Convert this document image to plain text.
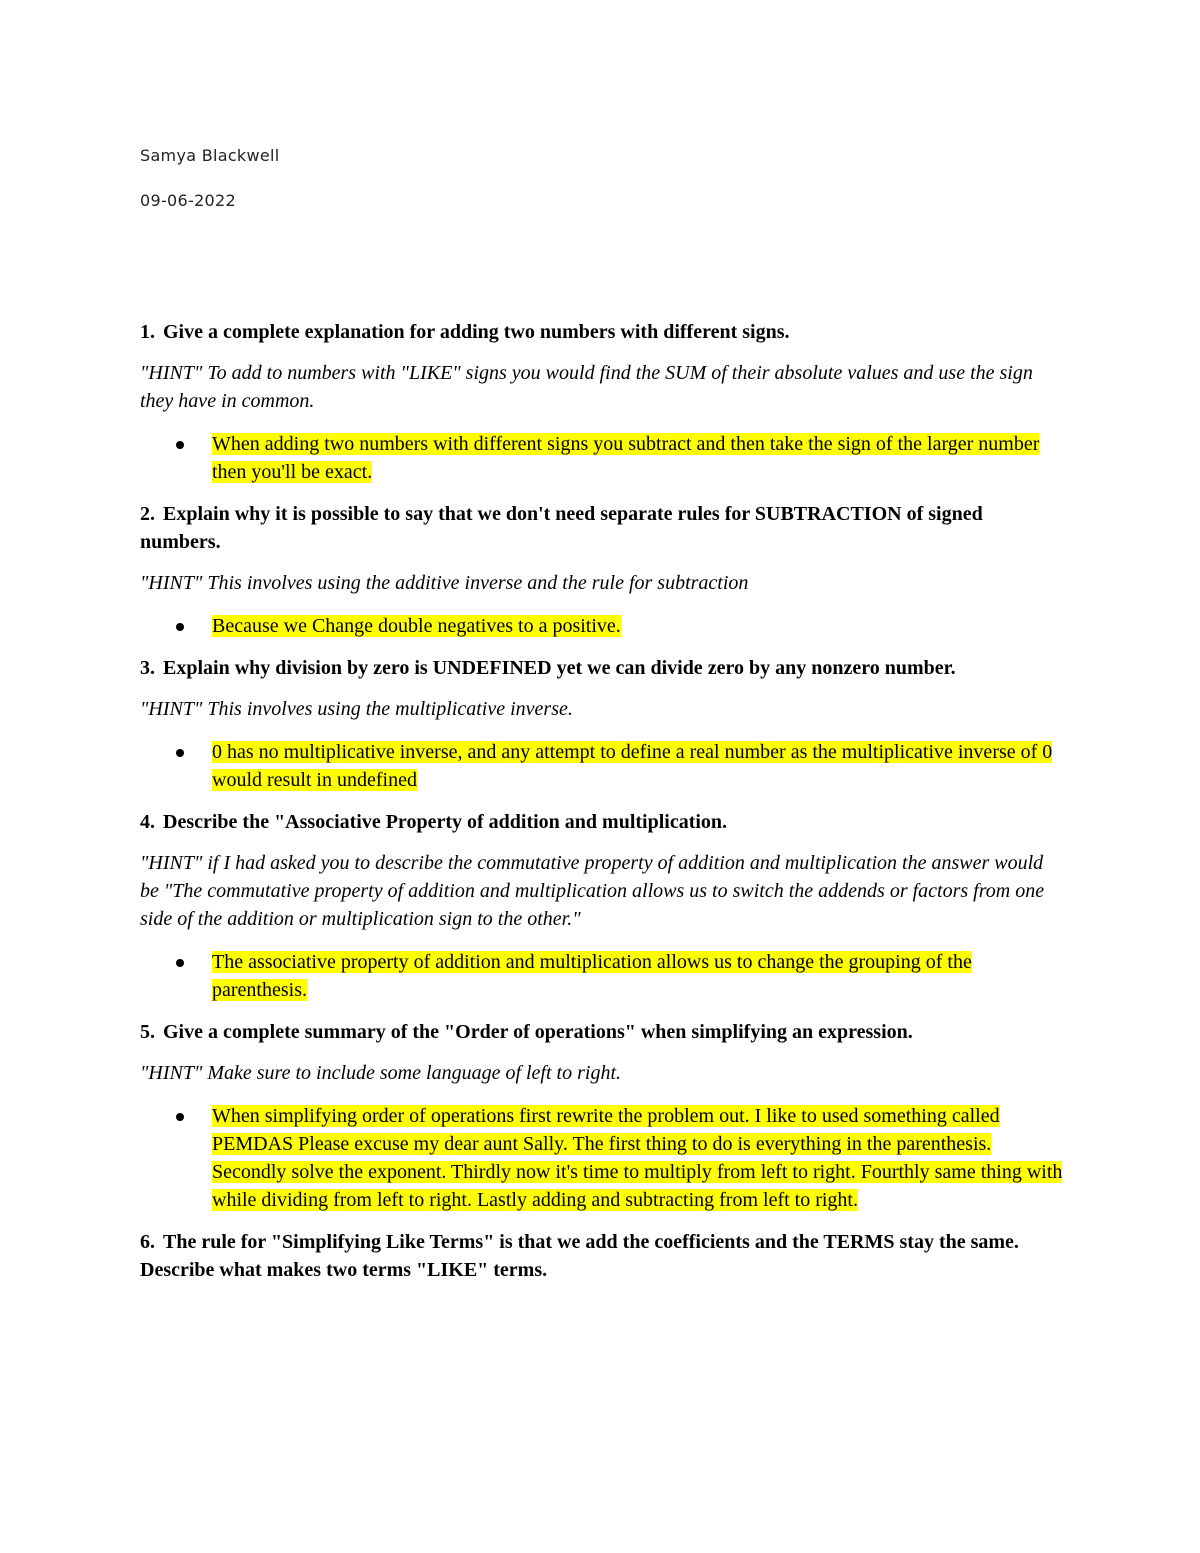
Samya Blackwell
09-06-2022
1. Give a complete explanation for adding two numbers with different signs.
"HINT" To add to numbers with "LIKE" signs you would find the SUM of their absolute values and use the sign they have in common.
When adding two numbers with different signs you subtract and then take the sign of the larger number then you'll be exact.
2. Explain why it is possible to say that we don't need separate rules for SUBTRACTION of signed numbers.
"HINT" This involves using the additive inverse and the rule for subtraction
Because we Change double negatives to a positive.
3. Explain why division by zero is UNDEFINED yet we can divide zero by any nonzero number.
"HINT" This involves using the multiplicative inverse.
0 has no multiplicative inverse, and any attempt to define a real number as the multiplicative inverse of 0 would result in undefined
4. Describe the "Associative Property of addition and multiplication.
"HINT" if I had asked you to describe the commutative property of addition and multiplication the answer would be "The commutative property of addition and multiplication allows us to switch the addends or factors from one side of the addition or multiplication sign to the other."
The associative property of addition and multiplication allows us to change the grouping of the parenthesis.
5. Give a complete summary of the "Order of operations" when simplifying an expression.
"HINT" Make sure to include some language of left to right.
When simplifying order of operations first rewrite the problem out. I like to used something called PEMDAS Please excuse my dear aunt Sally. The first thing to do is everything in the parenthesis. Secondly solve the exponent. Thirdly now it's time to multiply from left to right. Fourthly same thing with while dividing from left to right. Lastly adding and subtracting from left to right.
6. The rule for "Simplifying Like Terms" is that we add the coefficients and the TERMS stay the same. Describe what makes two terms "LIKE" terms.
